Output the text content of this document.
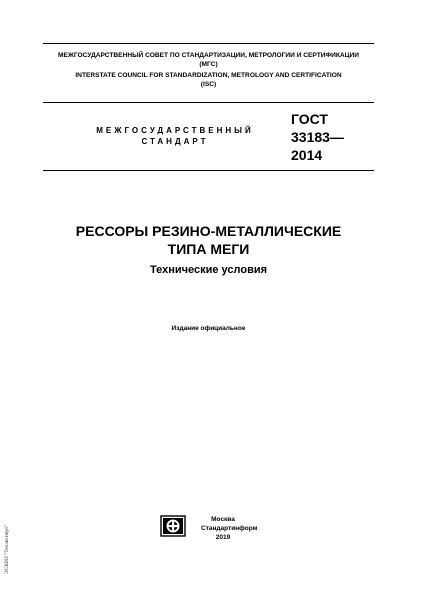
МЕЖГОСУДАРСТВЕННЫЙ СОВЕТ ПО СТАНДАРТИЗАЦИИ, МЕТРОЛОГИИ И СЕРТИФИКАЦИИ
(МГС)
INTERSTATE COUNCIL FOR STANDARDIZATION, METROLOGY AND CERTIFICATION
(ISC)
МЕЖГОСУДАРСТВЕННЫЙ
СТАНДАРТ
ГОСТ
33183—
2014
РЕССОРЫ РЕЗИНО-МЕТАЛЛИЧЕСКИЕ
ТИПА МЕГИ
Технические условия
Издание официальное
Москва
Стандартинформ
2019
ЭСКИЗ "Техэксперт"
